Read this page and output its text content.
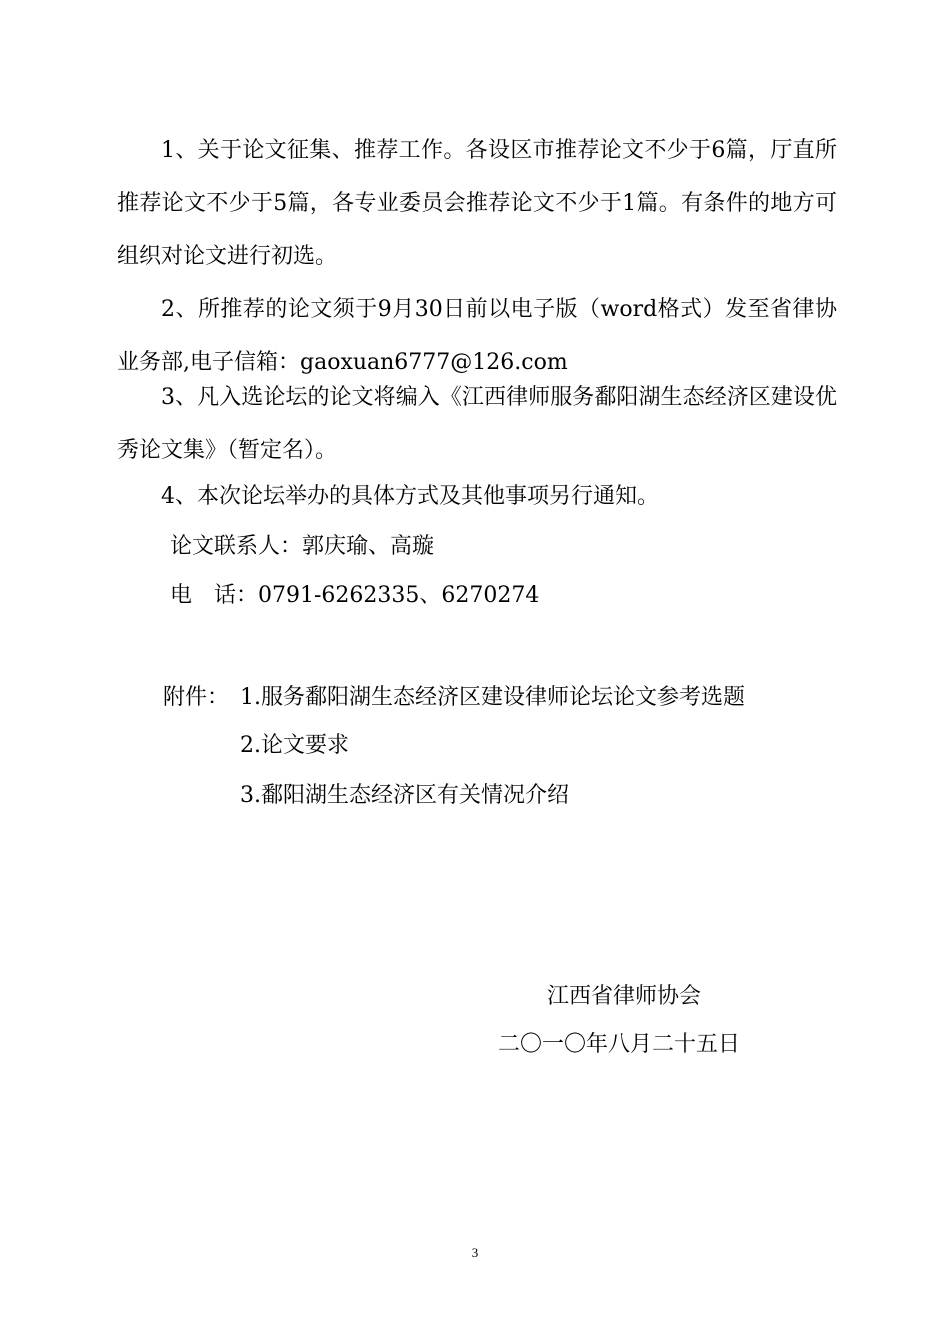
1、关于论文征集、推荐工作。各设区市推荐论文不少于6篇，厅直所推荐论文不少于5篇，各专业委员会推荐论文不少于1篇。有条件的地方可组织对论文进行初选。

2、所推荐的论文须于9月30日前以电子版（word格式）发至省律协业务部,电子信箱：gaoxuan6777@126.com

3、凡入选论坛的论文将编入《江西律师服务鄱阳湖生态经济区建设优秀论文集》（暂定名）。

4、本次论坛举办的具体方式及其他事项另行通知。

论文联系人：郭庆瑜、高璇

电　话：0791-6262335、6270274

附件： 1.服务鄱阳湖生态经济区建设律师论坛论文参考选题

2.论文要求

3.鄱阳湖生态经济区有关情况介绍

江西省律师协会

二〇一〇年八月二十五日

3
